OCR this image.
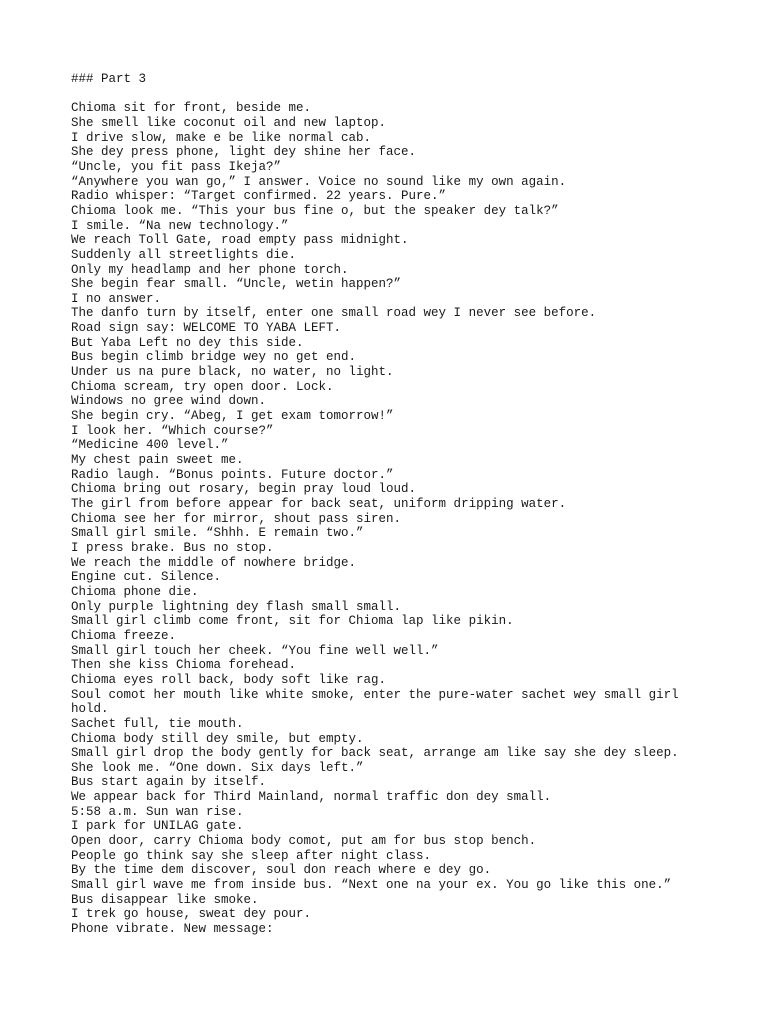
### Part 3
Chioma sit for front, beside me.
She smell like coconut oil and new laptop.
I drive slow, make e be like normal cab.
She dey press phone, light dey shine her face.
“Uncle, you fit pass Ikeja?”
“Anywhere you wan go,” I answer. Voice no sound like my own again.
Radio whisper: “Target confirmed. 22 years. Pure.”
Chioma look me. “This your bus fine o, but the speaker dey talk?”
I smile. “Na new technology.”
We reach Toll Gate, road empty pass midnight.
Suddenly all streetlights die.
Only my headlamp and her phone torch.
She begin fear small. “Uncle, wetin happen?”
I no answer.
The danfo turn by itself, enter one small road wey I never see before.
Road sign say: WELCOME TO YABA LEFT.
But Yaba Left no dey this side.
Bus begin climb bridge wey no get end.
Under us na pure black, no water, no light.
Chioma scream, try open door. Lock.
Windows no gree wind down.
She begin cry. “Abeg, I get exam tomorrow!”
I look her. “Which course?”
“Medicine 400 level.”
My chest pain sweet me.
Radio laugh. “Bonus points. Future doctor.”
Chioma bring out rosary, begin pray loud loud.
The girl from before appear for back seat, uniform dripping water.
Chioma see her for mirror, shout pass siren.
Small girl smile. “Shhh. E remain two.”
I press brake. Bus no stop.
We reach the middle of nowhere bridge.
Engine cut. Silence.
Chioma phone die.
Only purple lightning dey flash small small.
Small girl climb come front, sit for Chioma lap like pikin.
Chioma freeze.
Small girl touch her cheek. “You fine well well.”
Then she kiss Chioma forehead.
Chioma eyes roll back, body soft like rag.
Soul comot her mouth like white smoke, enter the pure-water sachet wey small girl hold.
Sachet full, tie mouth.
Chioma body still dey smile, but empty.
Small girl drop the body gently for back seat, arrange am like say she dey sleep.
She look me. “One down. Six days left.”
Bus start again by itself.
We appear back for Third Mainland, normal traffic don dey small.
5:58 a.m. Sun wan rise.
I park for UNILAG gate.
Open door, carry Chioma body comot, put am for bus stop bench.
People go think say she sleep after night class.
By the time dem discover, soul don reach where e dey go.
Small girl wave me from inside bus. “Next one na your ex. You go like this one.”
Bus disappear like smoke.
I trek go house, sweat dey pour.
Phone vibrate. New message:
